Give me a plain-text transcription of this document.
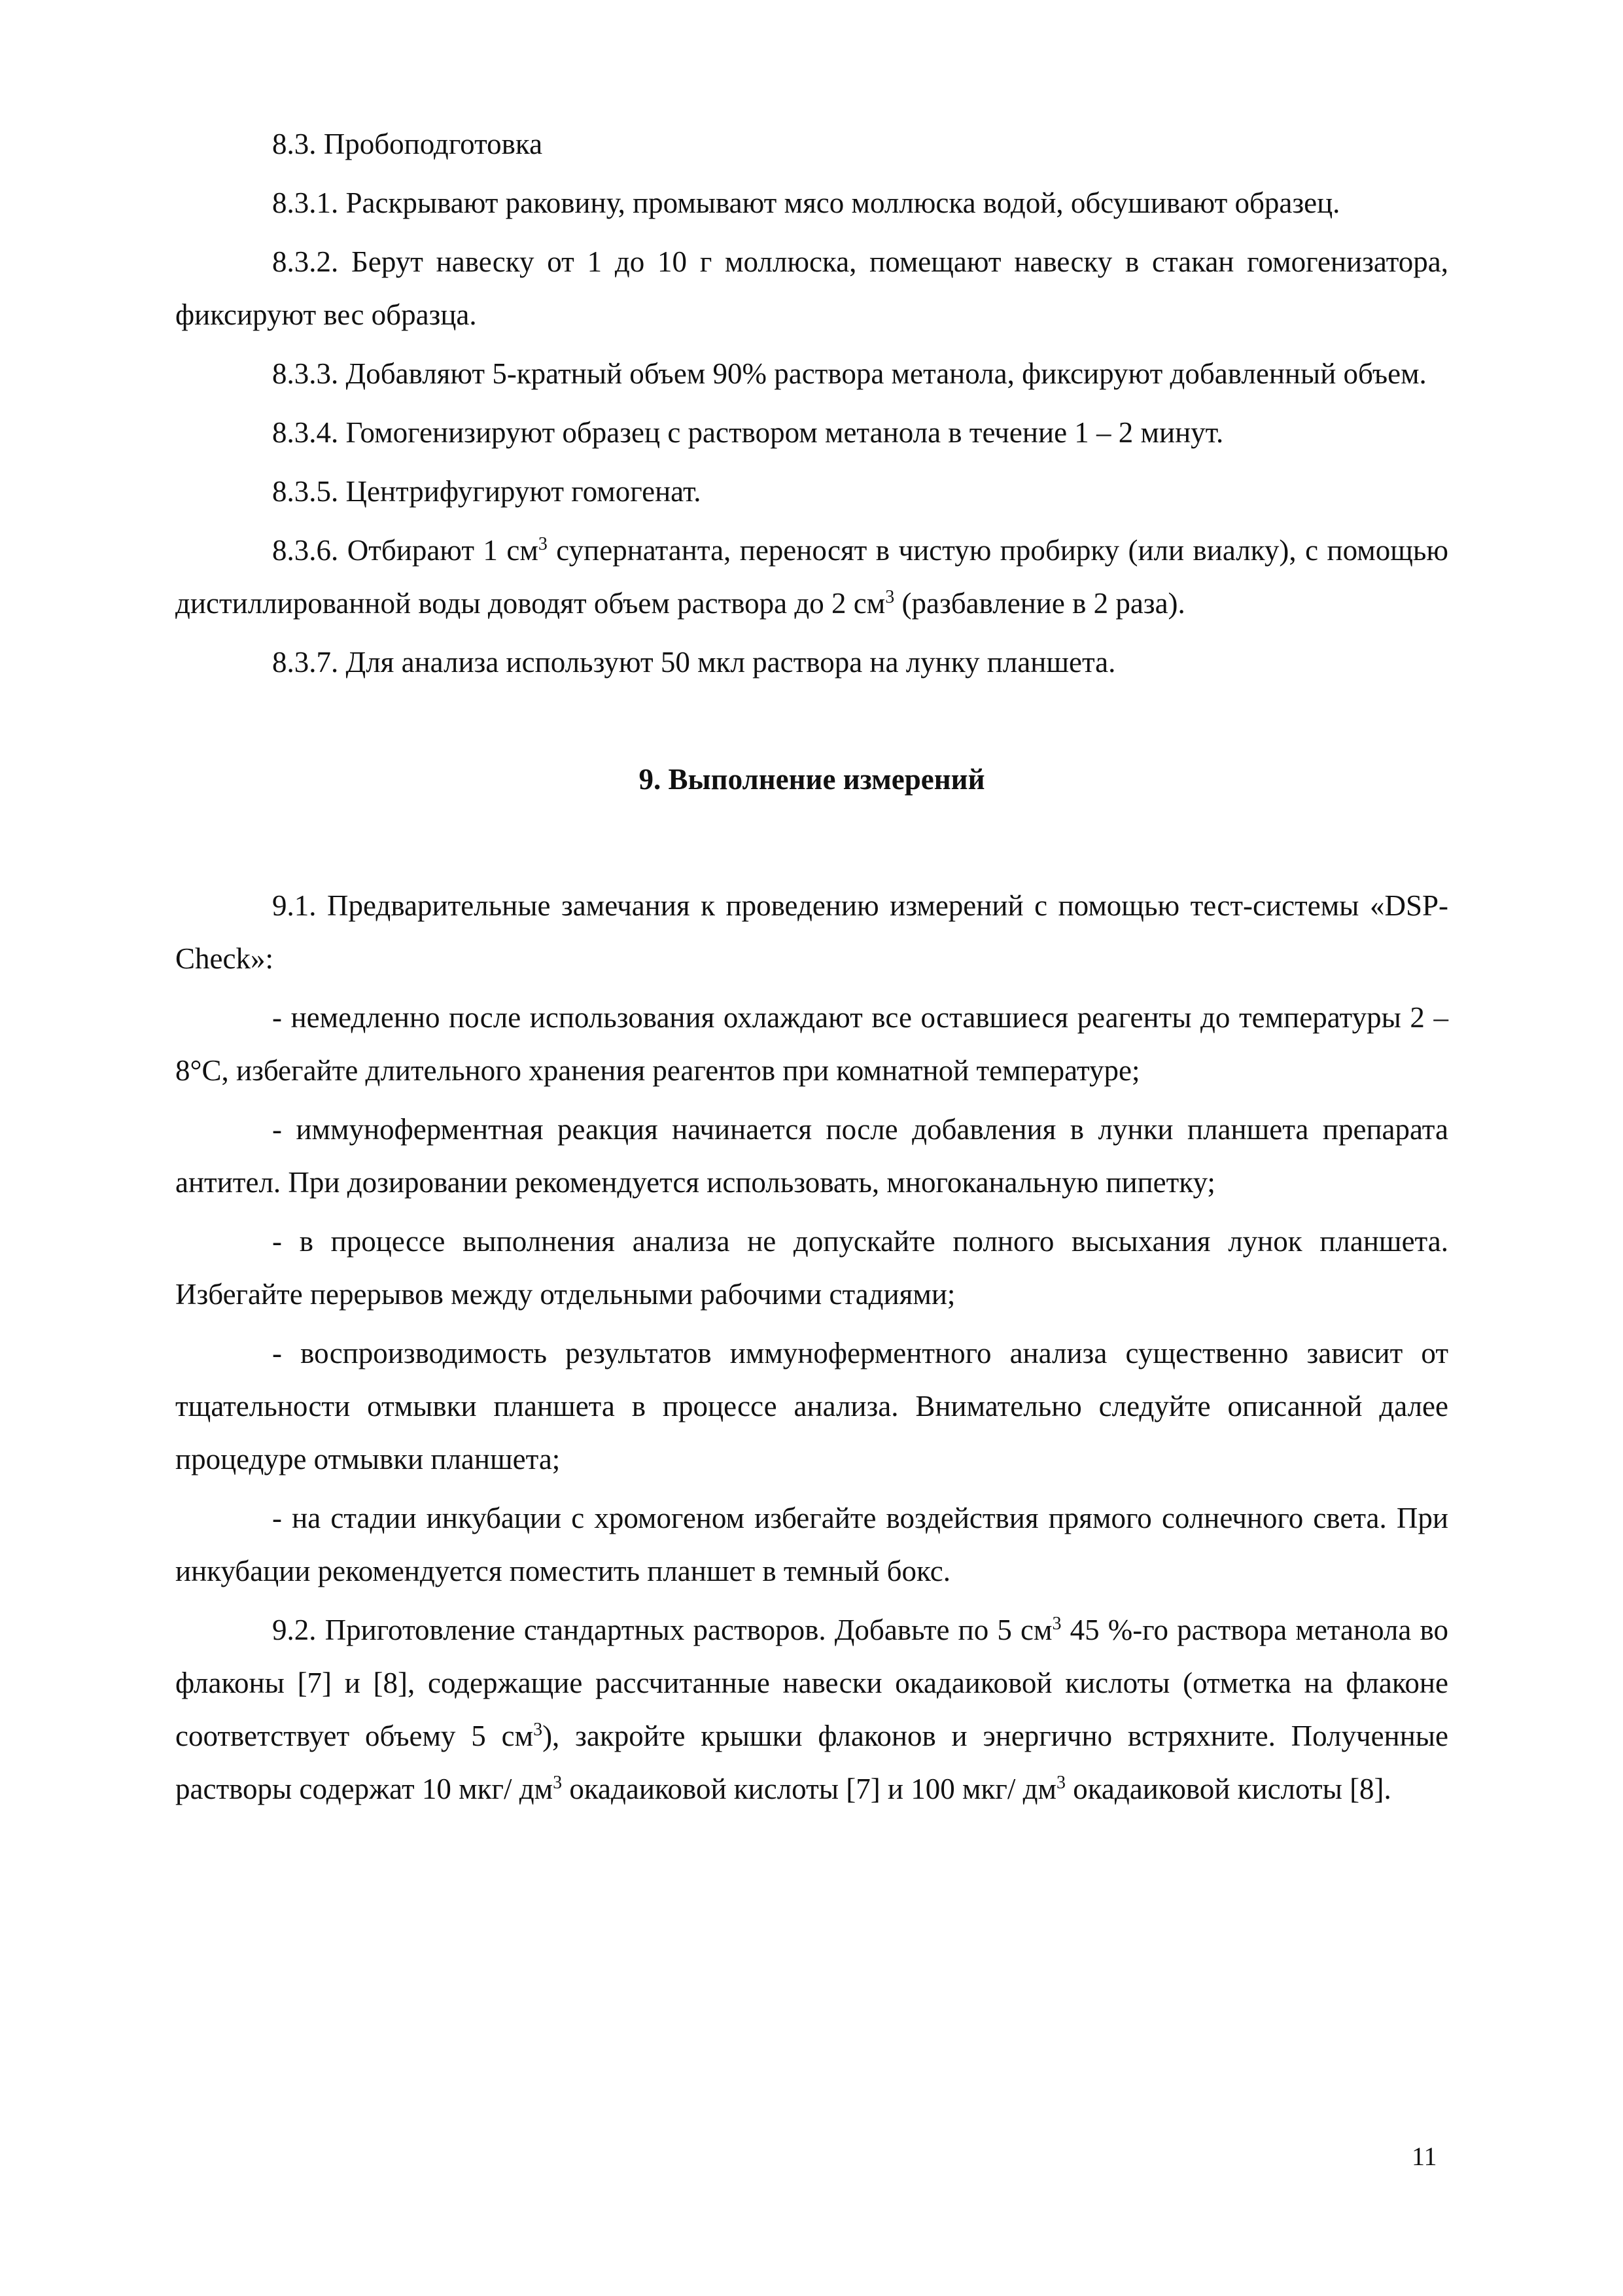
8.3. Пробоподготовка

8.3.1. Раскрывают раковину, промывают мясо моллюска водой, обсушивают образец.

8.3.2. Берут навеску от 1 до 10 г моллюска, помещают навеску в стакан гомогенизатора, фиксируют вес образца.

8.3.3. Добавляют 5-кратный объем 90% раствора метанола, фиксируют добавленный объем.

8.3.4. Гомогенизируют образец с раствором метанола в течение 1 – 2 минут.

8.3.5. Центрифугируют гомогенат.

8.3.6. Отбирают 1 $см^3$ супернатанта, переносят в чистую пробирку (или виалку), с помощью дистиллированной воды доводят объем раствора до 2 $см^3$ (разбавление в 2 раза).

8.3.7. Для анализа используют 50 мкл раствора на лунку планшета.

9. Выполнение измерений

9.1. Предварительные замечания к проведению измерений с помощью тест-системы «DSP-Check»:

- немедленно после использования охлаждают все оставшиеся реагенты до температуры 2 – 8°С, избегайте длительного хранения реагентов при комнатной температуре;

- иммуноферментная реакция начинается после добавления в лунки планшета препарата антител. При дозировании рекомендуется использовать, многоканальную пипетку;

- в процессе выполнения анализа не допускайте полного высыхания лунок планшета. Избегайте перерывов между отдельными рабочими стадиями;

- воспроизводимость результатов иммуноферментного анализа существенно зависит от тщательности отмывки планшета в процессе анализа. Внимательно следуйте описанной далее процедуре отмывки планшета;

- на стадии инкубации с хромогеном избегайте воздействия прямого солнечного света. При инкубации рекомендуется поместить планшет в темный бокс.

9.2. Приготовление стандартных растворов. Добавьте по 5 $см^3$ 45 %-го раствора метанола во флаконы [7] и [8], содержащие рассчитанные навески окадаиковой кислоты (отметка на флаконе соответствует объему 5 $см^3$), закройте крышки флаконов и энергично встряхните. Полученные растворы содержат 10 мкг/ $дм^3$ окадаиковой кислоты [7] и 100 мкг/ $дм^3$ окадаиковой кислоты [8].

11
